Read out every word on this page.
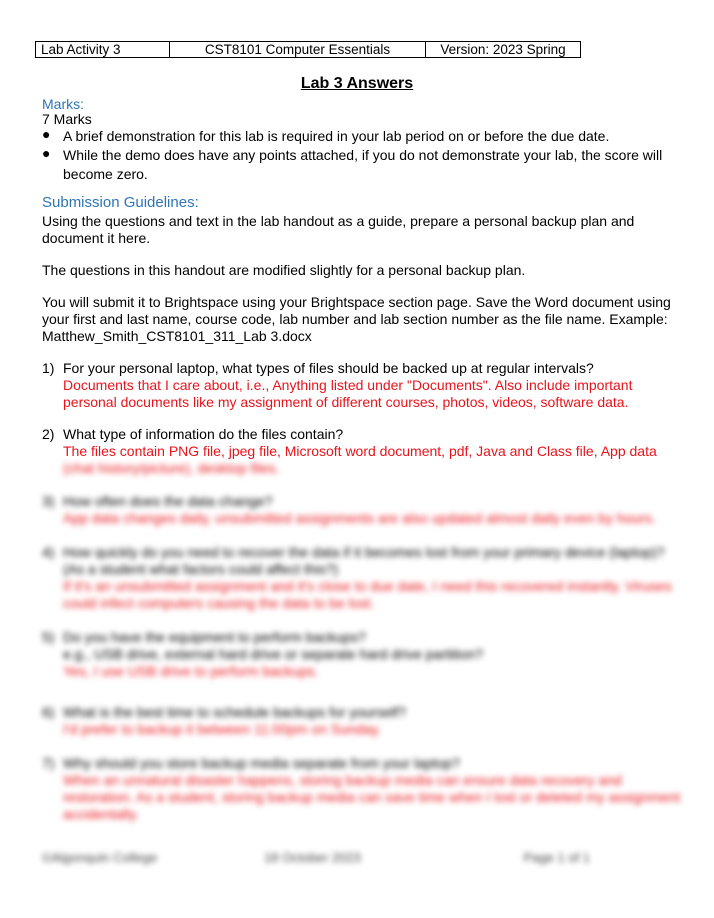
Lab Activity 3	CST8101 Computer Essentials	Version: 2023 Spring
Lab 3 Answers
Marks:
7 Marks
● A brief demonstration for this lab is required in your lab period on or before the due date.
● While the demo does have any points attached, if you do not demonstrate your lab, the score will become zero.
Submission Guidelines:
Using the questions and text in the lab handout as a guide, prepare a personal backup plan and document it here.
The questions in this handout are modified slightly for a personal backup plan.
You will submit it to Brightspace using your Brightspace section page. Save the Word document using your first and last name, course code, lab number and lab section number as the file name. Example: Matthew_Smith_CST8101_311_Lab 3.docx
1) For your personal laptop, what types of files should be backed up at regular intervals?
Documents that I care about, i.e., Anything listed under "Documents". Also include important personal documents like my assignment of different courses, photos, videos, software data.
2) What type of information do the files contain?
The files contain PNG file, jpeg file, Microsoft word document, pdf, Java and Class file, App data
(chat history/picture), desktop files.
3) How often does the data change?
App data changes daily, unsubmitted assignments are also updated almost daily even by hours.
4) How quickly do you need to recover the data if it becomes lost from your primary device (laptop)?
(As a student what factors could affect this?)
If it's an unsubmitted assignment and it's close to due date, I need this recovered instantly. Viruses could infect computers causing the data to be lost.
5) Do you have the equipment to perform backups?
e.g., USB drive, external hard drive or separate hard drive partition?
Yes, I use USB drive to perform backups.
6) What is the best time to schedule backups for yourself?
I'd prefer to backup it between 11:00pm on Sunday.
7) Why should you store backup media separate from your laptop?
When an unnatural disaster happens, storing backup media can ensure data recovery and restoration. As a student, storing backup media can save time when I lost or deleted my assignment accidentally.
©Algonquin College	18 October 2023	Page 1 of 1
